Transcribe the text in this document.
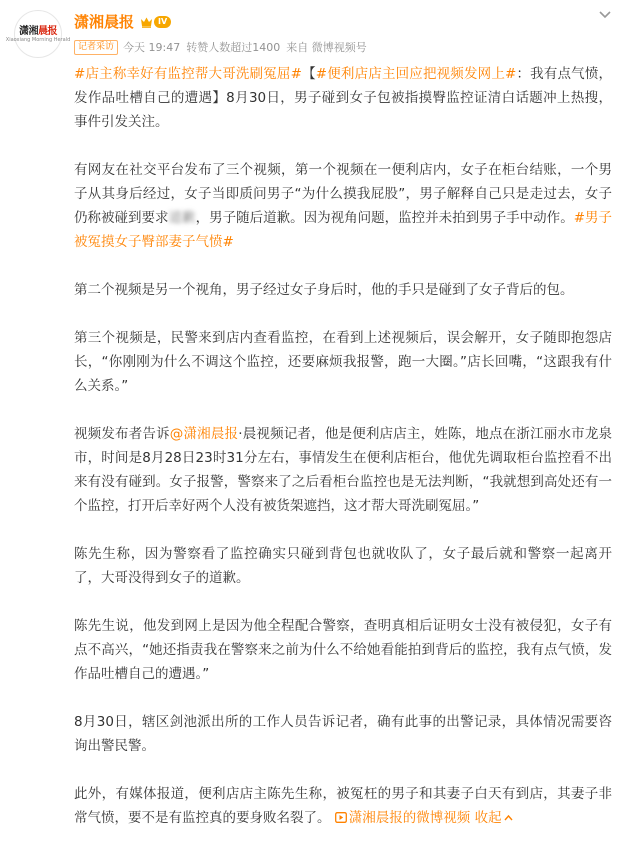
潇湘晨报
Xiaoxiang Morning Herald
潇湘晨报	IV
记者采访 今天 19:47 转赞人数超过1400 来自 微博视频号

#店主称幸好有监控帮大哥洗刷冤屈#【#便利店店主回应把视频发网上#：我有点气愤，发作品吐槽自己的遭遇】8月30日，男子碰到女子包被指摸臀监控证清白话题冲上热搜，事件引发关注。

有网友在社交平台发布了三个视频，第一个视频在一便利店内，女子在柜台结账，一个男子从其身后经过，女子当即质问男子“为什么摸我屁股”，男子解释自己只是走过去，女子仍称被碰到要求道歉，男子随后道歉。因为视角问题，监控并未拍到男子手中动作。#男子被冤摸女子臀部妻子气愤#

第二个视频是另一个视角，男子经过女子身后时，他的手只是碰到了女子背后的包。

第三个视频是，民警来到店内查看监控，在看到上述视频后，误会解开，女子随即抱怨店长，“你刚刚为什么不调这个监控，还要麻烦我报警，跑一大圈。”店长回嘴，“这跟我有什么关系。”

视频发布者告诉@潇湘晨报·晨视频记者，他是便利店店主，姓陈，地点在浙江丽水市龙泉市，时间是8月28日23时31分左右，事情发生在便利店柜台，他优先调取柜台监控看不出来有没有碰到。女子报警，警察来了之后看柜台监控也是无法判断，“我就想到高处还有一个监控，打开后幸好两个人没有被货架遮挡，这才帮大哥洗刷冤屈。”

陈先生称，因为警察看了监控确实只碰到背包也就收队了，女子最后就和警察一起离开了，大哥没得到女子的道歉。

陈先生说，他发到网上是因为他全程配合警察，查明真相后证明女士没有被侵犯，女子有点不高兴，“她还指责我在警察来之前为什么不给她看能拍到背后的监控，我有点气愤，发作品吐槽自己的遭遇。”

8月30日，辖区剑池派出所的工作人员告诉记者，确有此事的出警记录，具体情况需要咨询出警民警。

此外，有媒体报道，便利店店主陈先生称，被冤枉的男子和其妻子白天有到店，其妻子非常气愤，要不是有监控真的要身败名裂了。 潇湘晨报的微博视频 收起
